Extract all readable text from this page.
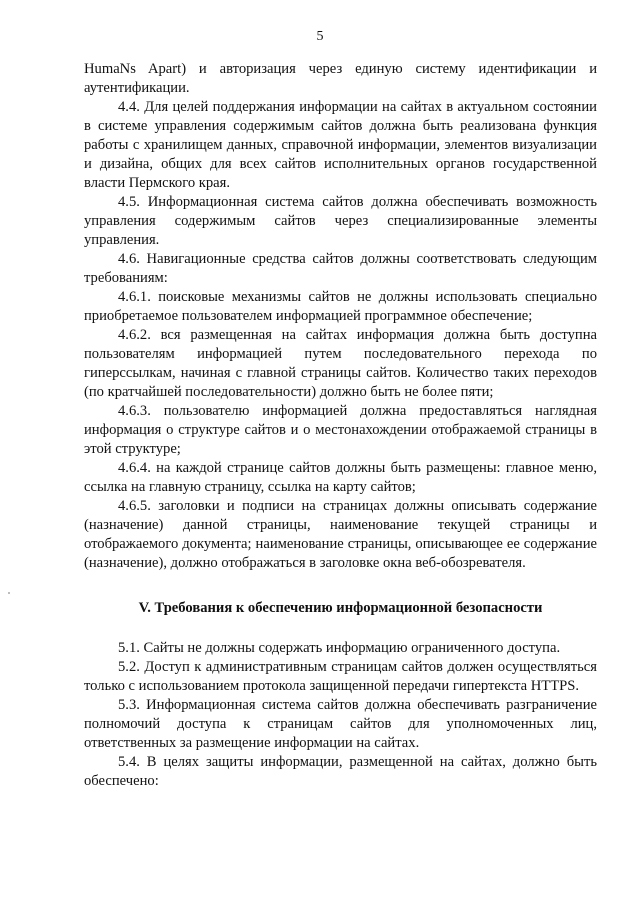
5

HumaNs Apart) и авторизация через единую систему идентификации и аутентификации.

4.4. Для целей поддержания информации на сайтах в актуальном состоянии в системе управления содержимым сайтов должна быть реализована функция работы с хранилищем данных, справочной информации, элементов визуализации и дизайна, общих для всех сайтов исполнительных органов государственной власти Пермского края.

4.5. Информационная система сайтов должна обеспечивать возможность управления содержимым сайтов через специализированные элементы управления.

4.6. Навигационные средства сайтов должны соответствовать следующим требованиям:

4.6.1. поисковые механизмы сайтов не должны использовать специально приобретаемое пользователем информацией программное обеспечение;

4.6.2. вся размещенная на сайтах информация должна быть доступна пользователям информацией путем последовательного перехода по гиперссылкам, начиная с главной страницы сайтов. Количество таких переходов (по кратчайшей последовательности) должно быть не более пяти;

4.6.3. пользователю информацией должна предоставляться наглядная информация о структуре сайтов и о местонахождении отображаемой страницы в этой структуре;

4.6.4. на каждой странице сайтов должны быть размещены: главное меню, ссылка на главную страницу, ссылка на карту сайтов;

4.6.5. заголовки и подписи на страницах должны описывать содержание (назначение) данной страницы, наименование текущей страницы и отображаемого документа; наименование страницы, описывающее ее содержание (назначение), должно отображаться в заголовке окна веб-обозревателя.

V. Требования к обеспечению информационной безопасности

5.1. Сайты не должны содержать информацию ограниченного доступа.

5.2. Доступ к административным страницам сайтов должен осуществляться только с использованием протокола защищенной передачи гипертекста HTTPS.

5.3. Информационная система сайтов должна обеспечивать разграничение полномочий доступа к страницам сайтов для уполномоченных лиц, ответственных за размещение информации на сайтах.

5.4. В целях защиты информации, размещенной на сайтах, должно быть обеспечено:
